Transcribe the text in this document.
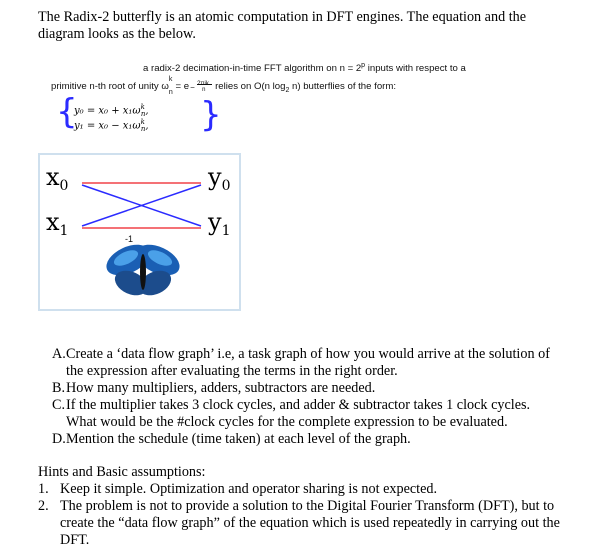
The Radix-2 butterfly is an atomic computation in DFT engines. The equation and the
diagram looks as the below.
a radix-2 decimation-in-time FFT algorithm on $n = 2^p$ inputs with respect to a
primitive n-th root of unity ω
k
$_n$ = e − 2πik
n relies on O(n $\log_2 n$) butterflies of the form:
{	}
$y_0 = x_0 + x_1\omega^k_n$,
$y_1 = x_0 - x_1\omega^k_n$,
$x_0$
$x_1$
$y_0$
$y_1$
-1
A. Create a ‘data flow graph’ i.e, a task graph of how you would arrive at the solution of
the expression after evaluating the terms in the right order.
B. How many multipliers, adders, subtractors are needed.
C. If the multiplier takes 3 clock cycles, and adder & subtractor takes 1 clock cycles.
What would be the #clock cycles for the complete expression to be evaluated.
D. Mention the schedule (time taken) at each level of the graph.
Hints and Basic assumptions:
1. Keep it simple. Optimization and operator sharing is not expected.
2. The problem is not to provide a solution to the Digital Fourier Transform (DFT), but to
create the “data flow graph” of the equation which is used repeatedly in carrying out the
DFT.
